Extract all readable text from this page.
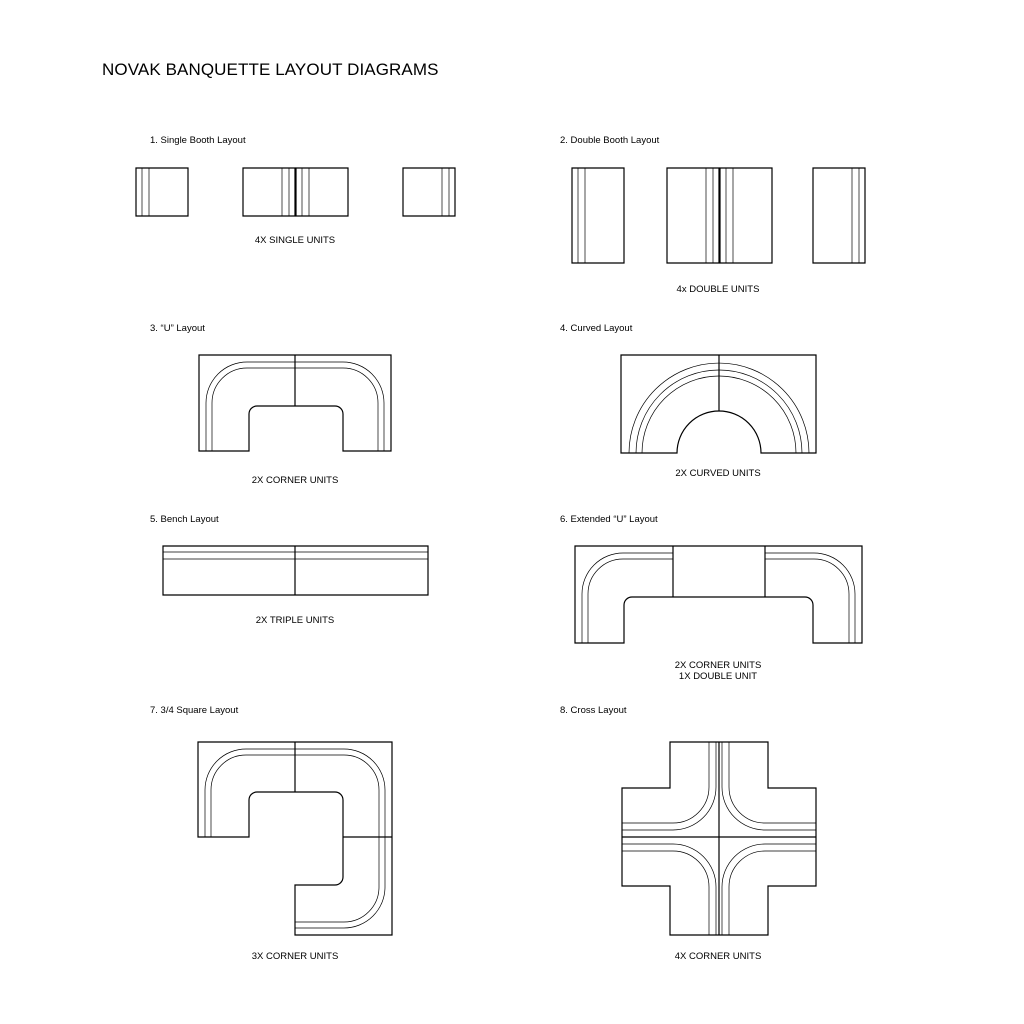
NOVAK BANQUETTE LAYOUT DIAGRAMS
1. Single Booth Layout	2. Double Booth Layout
3. “U” Layout	4. Curved Layout
5. Bench Layout	6. Extended “U” Layout
7. 3/4 Square Layout	8. Cross Layout
4X SINGLE UNITS
4x DOUBLE UNITS
2X CORNER UNITS
2X CURVED UNITS
2X TRIPLE UNITS
2X CORNER UNITS
1X DOUBLE UNIT
3X CORNER UNITS	4X CORNER UNITS
